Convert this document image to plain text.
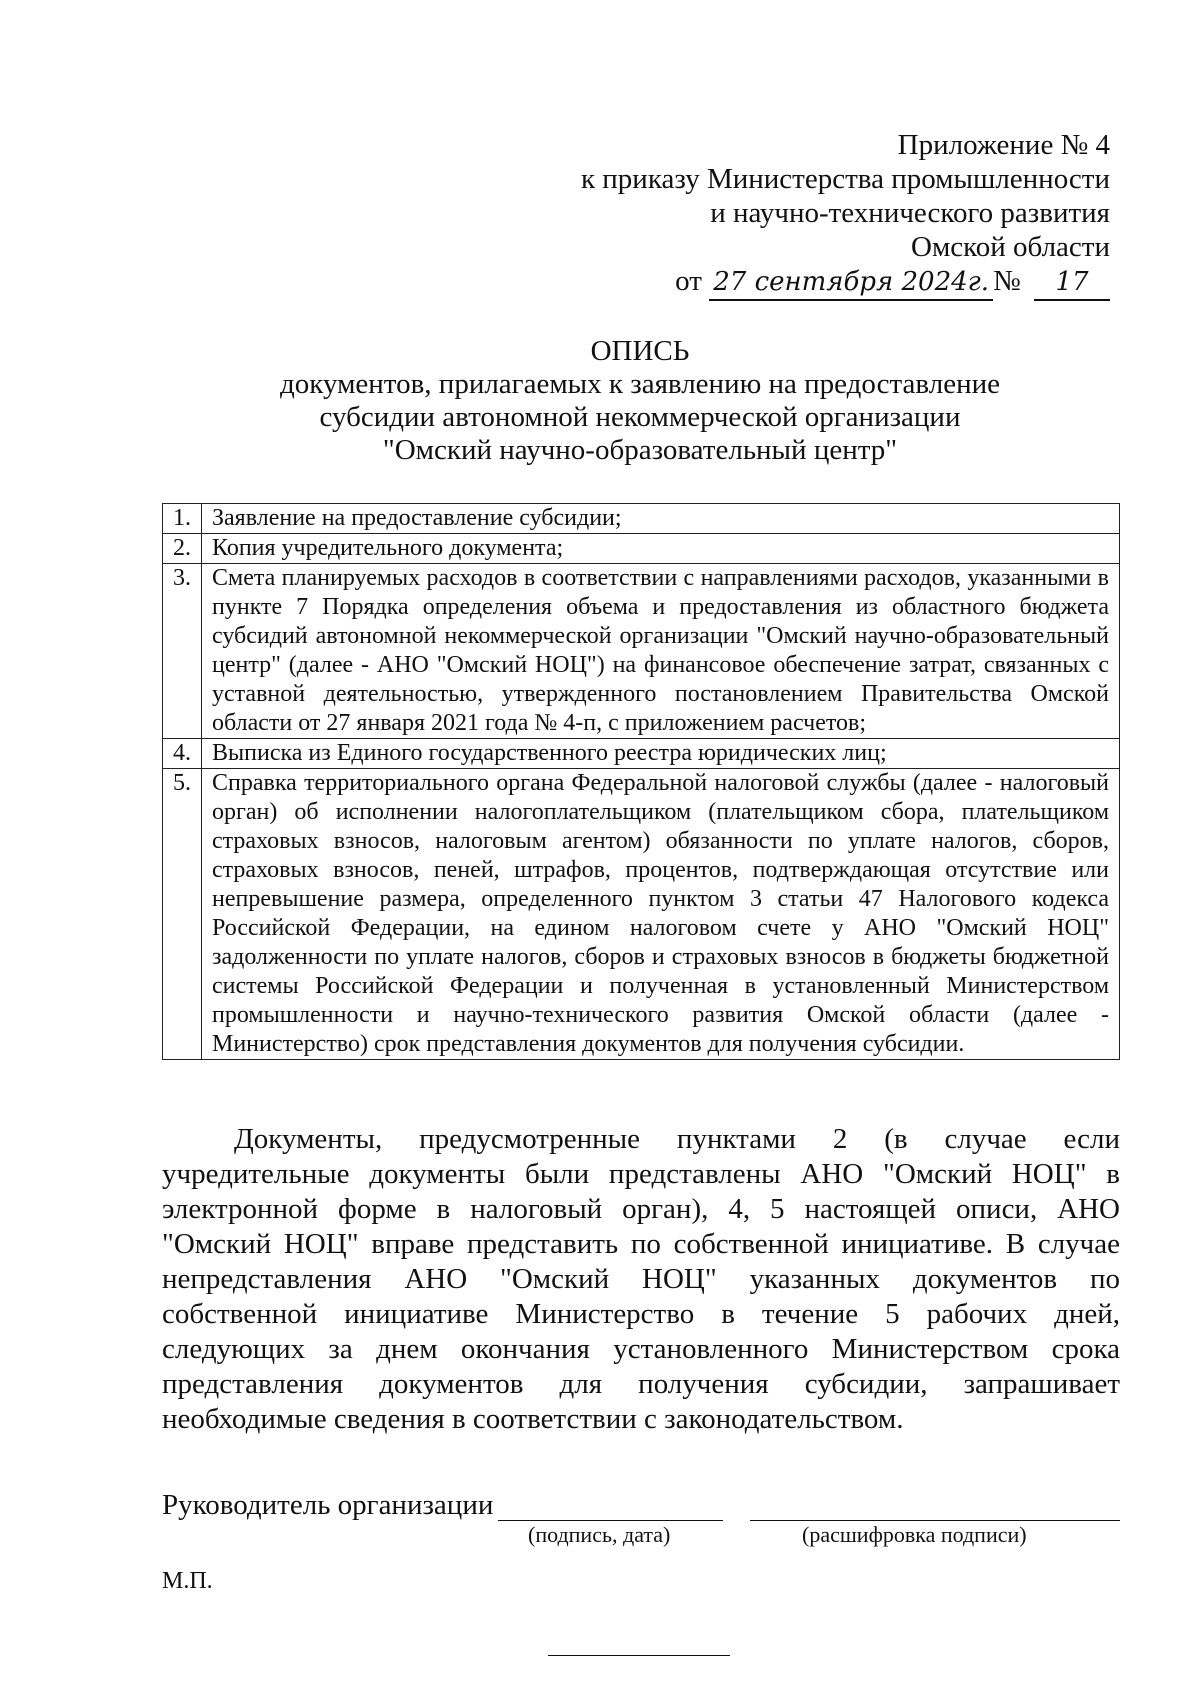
Приложение № 4
к приказу Министерства промышленности
и научно-технического развития
Омской области
от 27 сентября 2024г. № 17
ОПИСЬ
документов, прилагаемых к заявлению на предоставление
субсидии автономной некоммерческой организации
"Омский научно-образовательный центр"
1.	Заявление на предоставление субсидии;
2.	Копия учредительного документа;
3.	Смета планируемых расходов в соответствии с направлениями расходов, указанными в пункте 7 Порядка определения объема и предоставления из областного бюджета субсидий автономной некоммерческой организации "Омский научно-образовательный центр" (далее - АНО "Омский НОЦ") на финансовое обеспечение затрат, связанных с уставной деятельностью, утвержденного постановлением Правительства Омской области от 27 января 2021 года № 4-п, с приложением расчетов;
4.	Выписка из Единого государственного реестра юридических лиц;
5.	Справка территориального органа Федеральной налоговой службы (далее - налоговый орган) об исполнении налогоплательщиком (плательщиком сбора, плательщиком страховых взносов, налоговым агентом) обязанности по уплате налогов, сборов, страховых взносов, пеней, штрафов, процентов, подтверждающая отсутствие или непревышение размера, определенного пунктом 3 статьи 47 Налогового кодекса Российской Федерации, на едином налоговом счете у АНО "Омский НОЦ" задолженности по уплате налогов, сборов и страховых взносов в бюджеты бюджетной системы Российской Федерации и полученная в установленный Министерством промышленности и научно-технического развития Омской области (далее - Министерство) срок представления документов для получения субсидии.
Документы, предусмотренные пунктами 2 (в случае если учредительные документы были представлены АНО "Омский НОЦ" в электронной форме в налоговый орган), 4, 5 настоящей описи, АНО "Омский НОЦ" вправе представить по собственной инициативе. В случае непредставления АНО "Омский НОЦ" указанных документов по собственной инициативе Министерство в течение 5 рабочих дней, следующих за днем окончания установленного Министерством срока представления документов для получения субсидии, запрашивает необходимые сведения в соответствии с законодательством.
Руководитель организации
(подпись, дата)	(расшифровка подписи)
М.П.
